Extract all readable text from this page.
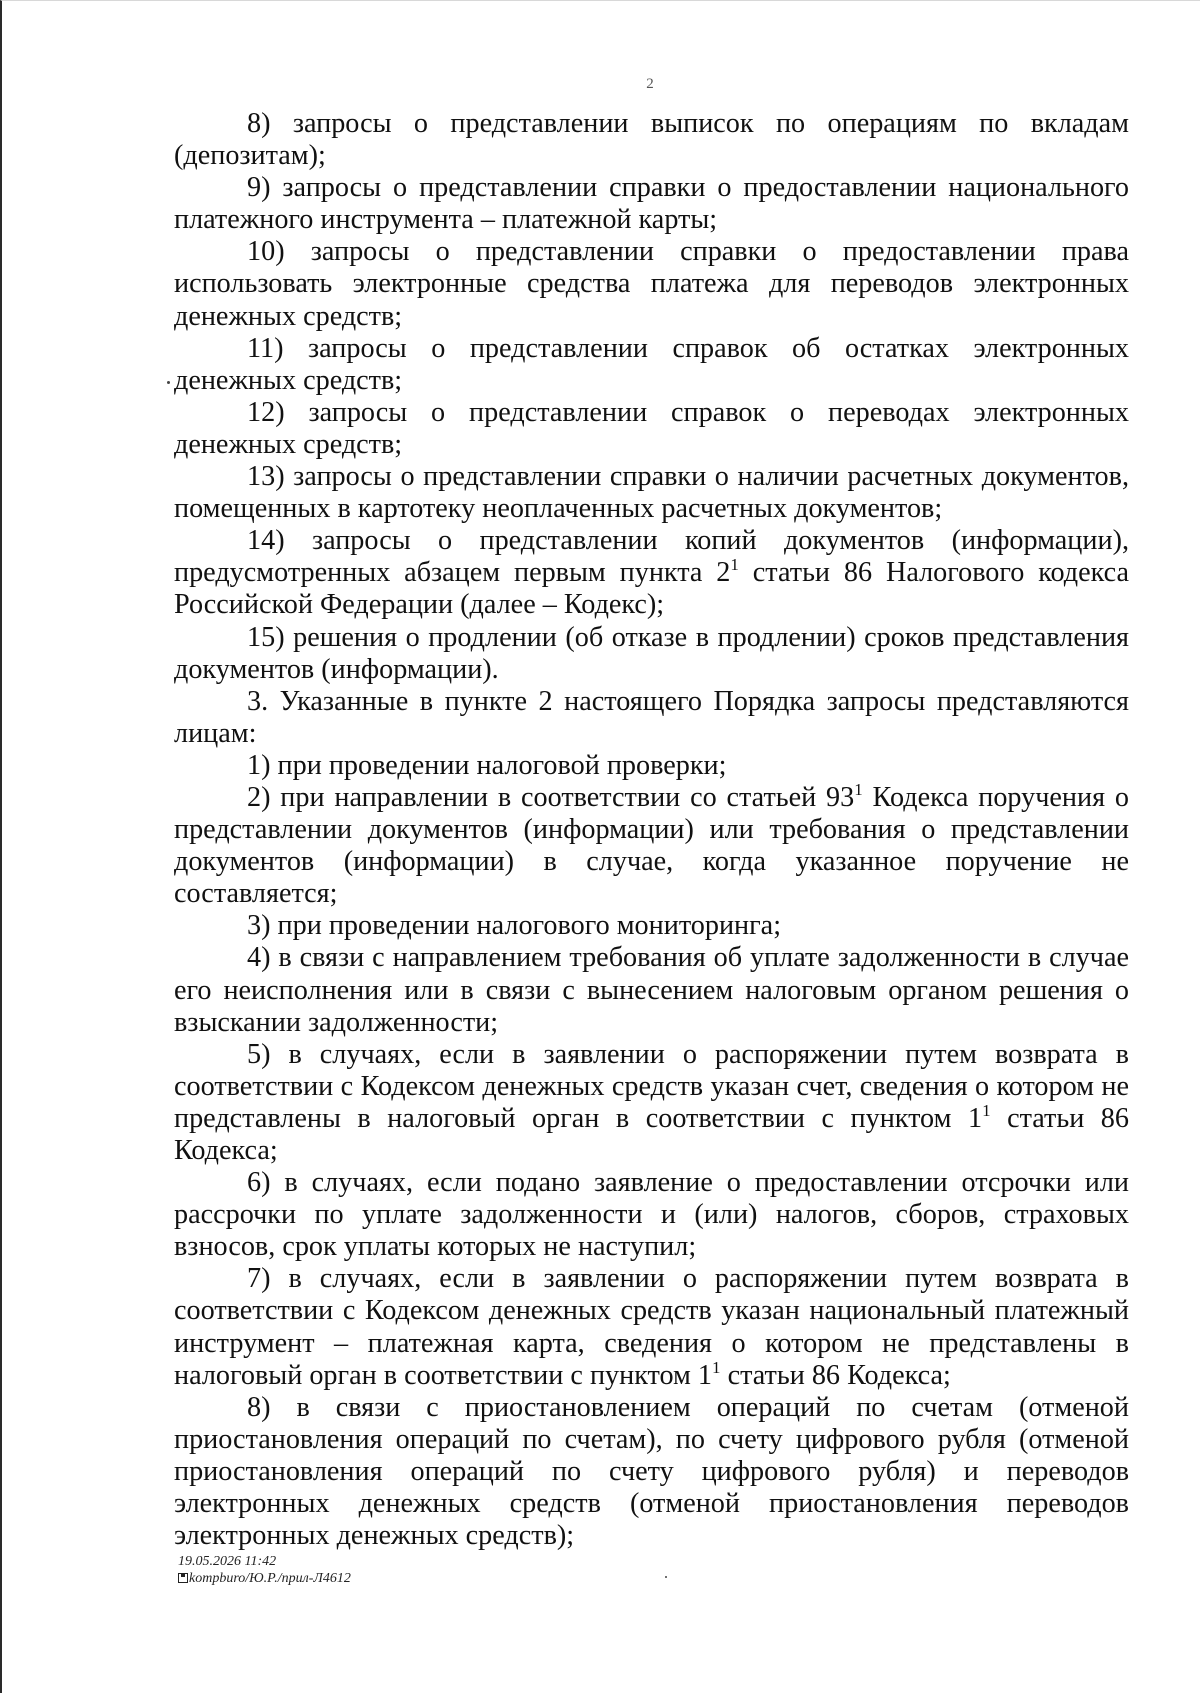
2

8) запросы о представлении выписок по операциям по вкладам (депозитам);

9) запросы о представлении справки о предоставлении национального платежного инструмента – платежной карты;

10) запросы о представлении справки о предоставлении права использовать электронные средства платежа для переводов электронных денежных средств;

11) запросы о представлении справок об остатках электронных денежных средств;

12) запросы о представлении справок о переводах электронных денежных средств;

13) запросы о представлении справки о наличии расчетных документов, помещенных в картотеку неоплаченных расчетных документов;

14) запросы о представлении копий документов (информации), предусмотренных абзацем первым пункта $2^1$ статьи 86 Налогового кодекса Российской Федерации (далее – Кодекс);

15) решения о продлении (об отказе в продлении) сроков представления документов (информации).

3. Указанные в пункте 2 настоящего Порядка запросы представляются лицам:

1) при проведении налоговой проверки;

2) при направлении в соответствии со статьей $93^1$ Кодекса поручения о представлении документов (информации) или требования о представлении документов (информации) в случае, когда указанное поручение не составляется;

3) при проведении налогового мониторинга;

4) в связи с направлением требования об уплате задолженности в случае его неисполнения или в связи с вынесением налоговым органом решения о взыскании задолженности;

5) в случаях, если в заявлении о распоряжении путем возврата в соответствии с Кодексом денежных средств указан счет, сведения о котором не представлены в налоговый орган в соответствии с пунктом $1^1$ статьи 86 Кодекса;

6) в случаях, если подано заявление о предоставлении отсрочки или рассрочки по уплате задолженности и (или) налогов, сборов, страховых взносов, срок уплаты которых не наступил;

7) в случаях, если в заявлении о распоряжении путем возврата в соответствии с Кодексом денежных средств указан национальный платежный инструмент – платежная карта, сведения о котором не представлены в налоговый орган в соответствии с пунктом $1^1$ статьи 86 Кодекса;

8) в связи с приостановлением операций по счетам (отменой приостановления операций по счетам), по счету цифрового рубля (отменой приостановления операций по счету цифрового рубля) и переводов электронных денежных средств (отменой приостановления переводов электронных денежных средств);

19.05.2026 11:42
kompburo/Ю.Р./прил-Л4612
